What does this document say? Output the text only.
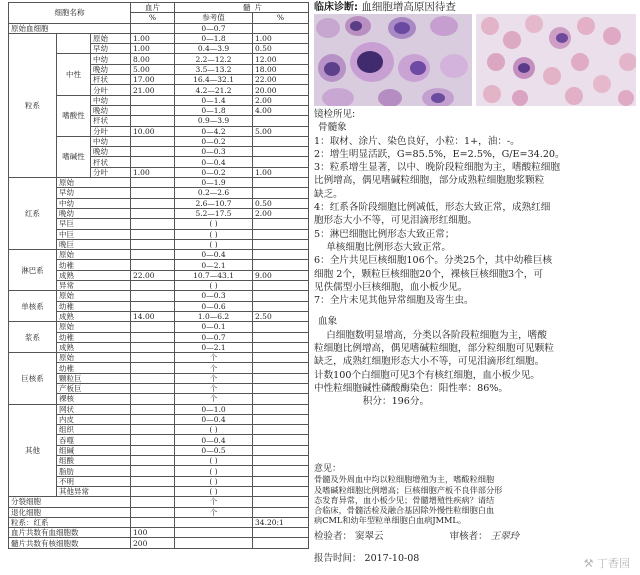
细胞名称			血片	髓	片
			%	参考值	%
原始血细胞				0—0.7	
粒系		原始	1.00	0—1.8	1.00
		早幼	1.00	0.4—3.9	0.50
	中性	中幼	8.00	2.2—12.2	12.00
		晚幼	5.00	3.5—13.2	18.00
		杆状	17.00	16.4—32.1	22.00
		分叶	21.00	4.2—21.2	20.00
	嗜酸性	中幼		0—1.4	2.00
		晚幼		0—1.8	4.00
		杆状		0.9—3.9	
		分叶	10.00	0—4.2	5.00
	嗜碱性	中幼		0—0.2	
		晚幼		0—0.3	
		杆状		0—0.4	
		分叶	1.00	0—0.2	1.00
红系	原始			0—1.9	
	早幼			0.2—2.6	
	中幼			2.6—10.7	0.50
	晚幼			5.2—17.5	2.00
	早巨			( )	
	中巨			( )	
	晚巨			( )	
淋巴系	原始			0—0.4	
	幼稚			0—2.1	
	成熟		22.00	10.7—43.1	9.00
	异常			( )	
单核系	原始			0—0.3	
	幼稚			0—0.6	
	成熟		14.00	1.0—6.2	2.50
浆系	原始			0—0.1	
	幼稚			0—0.7	
	成熟			0—2.1	
巨核系	原始			个	
	幼稚			个	
	颗粒巨			个	
	产板巨			个	
	裸核			个	
其他	网状			0—1.0	
	内皮			0—0.4	
	组织			( )	
	吞噬			0—0.4	
	组碱			0—0.5	
	组酸			( )	
	脂肪			( )	
	不明			( )	
	其他异常			( )	
分裂细胞				个	
退化细胞				个	
粒系：红系					34.20:1
血片共数有血细胞数			100		
髓片共数有核细胞数			200		
临床诊断: 血细胞增高原因待查
镜检所见:
骨髓象
1：取材、涂片、染色良好，小粒：1+，油：-。
2：增生明显活跃，G=85.5%，E=2.5%，G/E=34.20。
3：粒系增生显著，以中、晚阶段粒细胞为主，嗜酸粒细胞
比例增高，偶见嗜碱粒细胞，部分成熟粒细胞胞浆颗粒
缺乏。
4：红系各阶段细胞比例减低，形态大致正常，成熟红细
胞形态大小不等，可见泪滴形红细胞。
5：淋巴细胞比例形态大致正常；
单核细胞比例形态大致正常。
6：全片共见巨核细胞106个。分类25个，其中幼稚巨核
细胞 2个，颗粒巨核细胞20个，裸核巨核细胞3个，可
见佚儒型小巨核细胞，血小板少见。
7：全片未见其他异常细胞及寄生虫。
血象
白细胞数明显增高，分类以各阶段粒细胞为主，嗜酸
粒细胞比例增高，偶见嗜碱粒细胞，部分粒细胞可见颗粒
缺乏，成熟红细胞形态大小不等，可见泪滴形红细胞。
计数100个白细胞可见3个有核红细胞，血小板少见。
中性粒细胞碱性磷酸酶染色：阳性率：86%。
积分：196分。
意见：
骨髓及外周血中均以粒细胞增殖为主，嗜酸粒细胞
及嗜碱粒细胞比例增高；巨核细胞产板不良伴部分形
态发育异常，血小板少见；骨髓增殖性疾病？请结
合临床，骨髓活检及融合基因除外慢性粒细胞白血
病CML和幼年型粒单细胞白血病JMML。
检验者： 窦翠云	审核者： 王翠玲
报告时间： 2017-10-08	⚒ 丁香园
